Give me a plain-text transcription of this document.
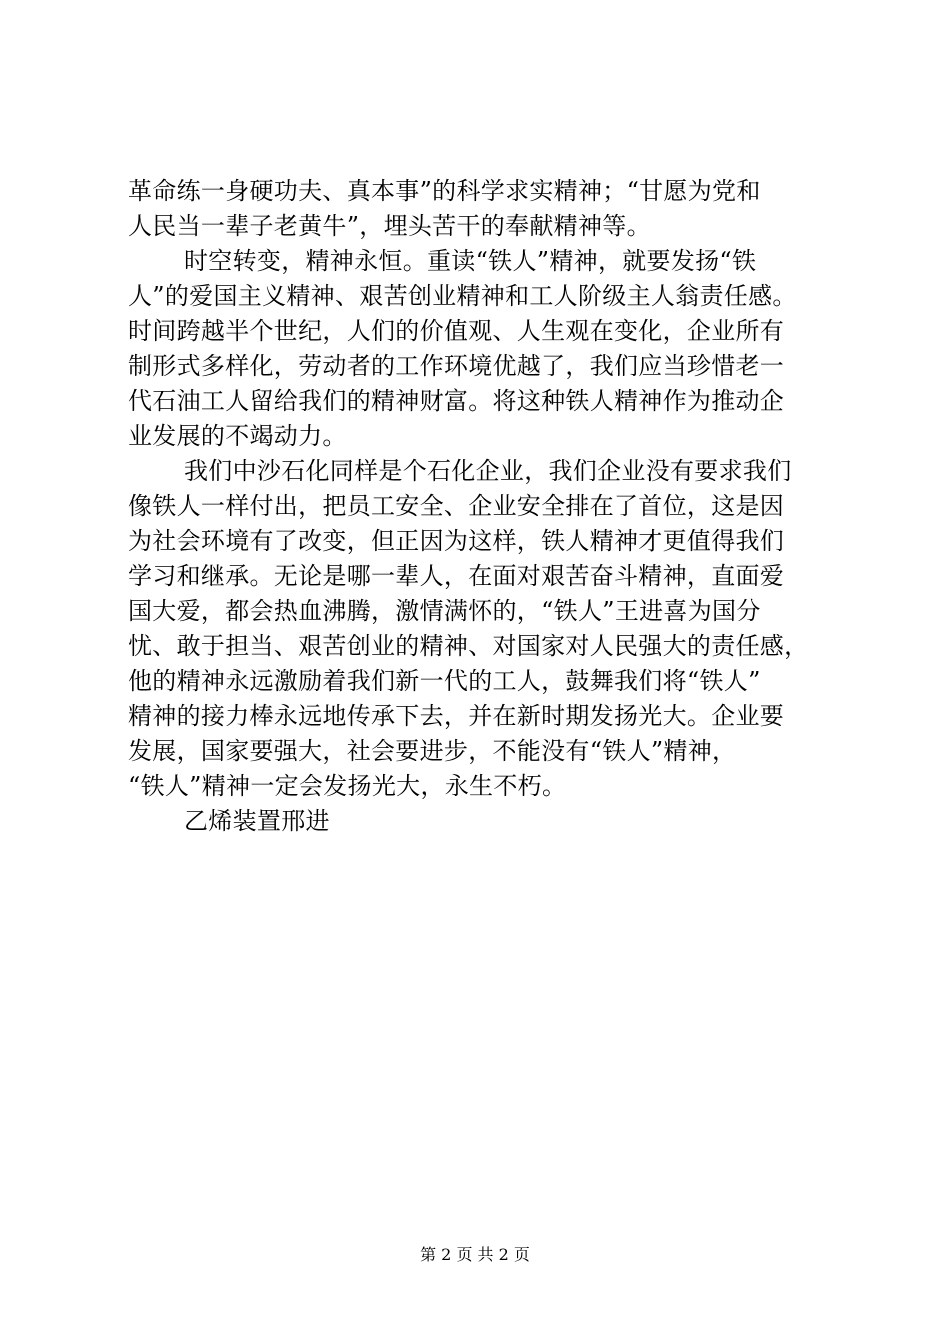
革命练一身硬功夫、真本事”的科学求实精神；“甘愿为党和
人民当一辈子老黄牛”，埋头苦干的奉献精神等。
时空转变，精神永恒。重读“铁人”精神，就要发扬“铁
人”的爱国主义精神、艰苦创业精神和工人阶级主人翁责任感。
时间跨越半个世纪，人们的价值观、人生观在变化，企业所有
制形式多样化，劳动者的工作环境优越了，我们应当珍惜老一
代石油工人留给我们的精神财富。将这种铁人精神作为推动企
业发展的不竭动力。
我们中沙石化同样是个石化企业，我们企业没有要求我们
像铁人一样付出，把员工安全、企业安全排在了首位，这是因
为社会环境有了改变，但正因为这样，铁人精神才更值得我们
学习和继承。无论是哪一辈人，在面对艰苦奋斗精神，直面爱
国大爱，都会热血沸腾，激情满怀的，“铁人”王进喜为国分
忧、敢于担当、艰苦创业的精神、对国家对人民强大的责任感，
他的精神永远激励着我们新一代的工人，鼓舞我们将“铁人”
精神的接力棒永远地传承下去，并在新时期发扬光大。企业要
发展，国家要强大，社会要进步，不能没有“铁人”精神，
“铁人”精神一定会发扬光大，永生不朽。
乙烯装置邢进
第 2 页 共 2 页
